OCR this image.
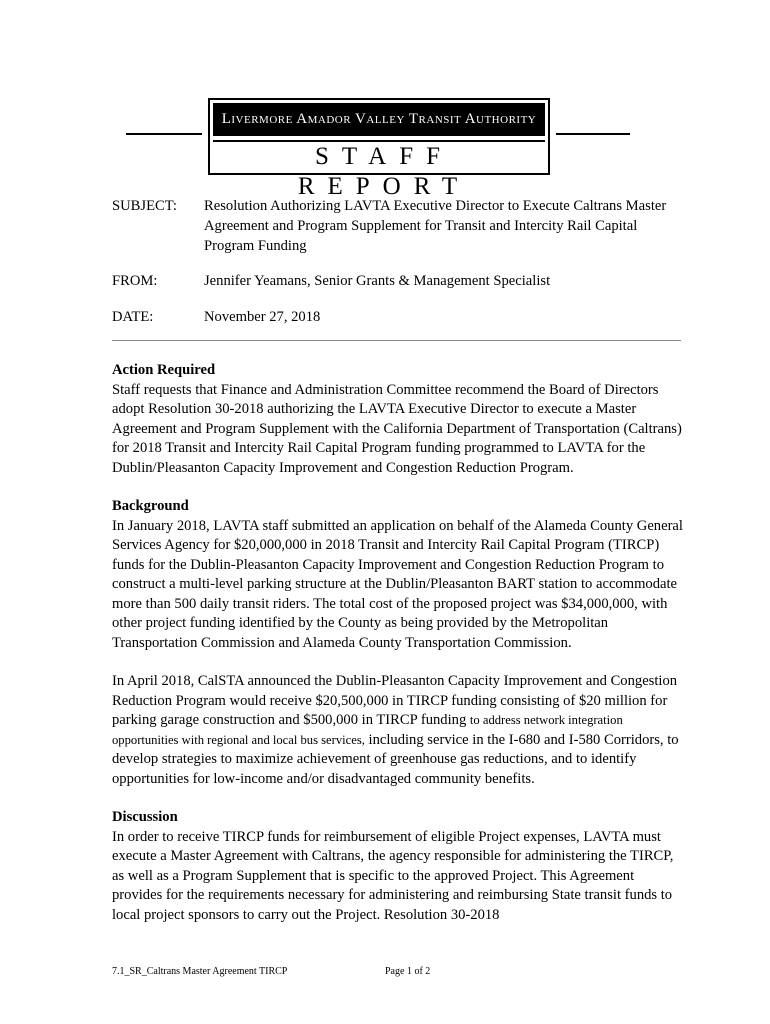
Livermore Amador Valley Transit Authority
STAFF REPORT
SUBJECT:	Resolution Authorizing LAVTA Executive Director to Execute Caltrans Master Agreement and Program Supplement for Transit and Intercity Rail Capital Program Funding
FROM:	Jennifer Yeamans, Senior Grants & Management Specialist
DATE:	November 27, 2018
Action Required
Staff requests that Finance and Administration Committee recommend the Board of Directors adopt Resolution 30-2018 authorizing the LAVTA Executive Director to execute a Master Agreement and Program Supplement with the California Department of Transportation (Caltrans) for 2018 Transit and Intercity Rail Capital Program funding programmed to LAVTA for the Dublin/Pleasanton Capacity Improvement and Congestion Reduction Program.
Background
In January 2018, LAVTA staff submitted an application on behalf of the Alameda County General Services Agency for $20,000,000 in 2018 Transit and Intercity Rail Capital Program (TIRCP) funds for the Dublin-Pleasanton Capacity Improvement and Congestion Reduction Program to construct a multi-level parking structure at the Dublin/Pleasanton BART station to accommodate more than 500 daily transit riders. The total cost of the proposed project was $34,000,000, with other project funding identified by the County as being provided by the Metropolitan Transportation Commission and Alameda County Transportation Commission.
In April 2018, CalSTA announced the Dublin-Pleasanton Capacity Improvement and Congestion Reduction Program would receive $20,500,000 in TIRCP funding consisting of $20 million for parking garage construction and $500,000 in TIRCP funding to address network integration opportunities with regional and local bus services, including service in the I-680 and I-580 Corridors, to develop strategies to maximize achievement of greenhouse gas reductions, and to identify opportunities for low-income and/or disadvantaged community benefits.
Discussion
In order to receive TIRCP funds for reimbursement of eligible Project expenses, LAVTA must execute a Master Agreement with Caltrans, the agency responsible for administering the TIRCP, as well as a Program Supplement that is specific to the approved Project. This Agreement provides for the requirements necessary for administering and reimbursing State transit funds to local project sponsors to carry out the Project. Resolution 30-2018
7.1_SR_Caltrans Master Agreement TIRCP	Page 1 of 2
